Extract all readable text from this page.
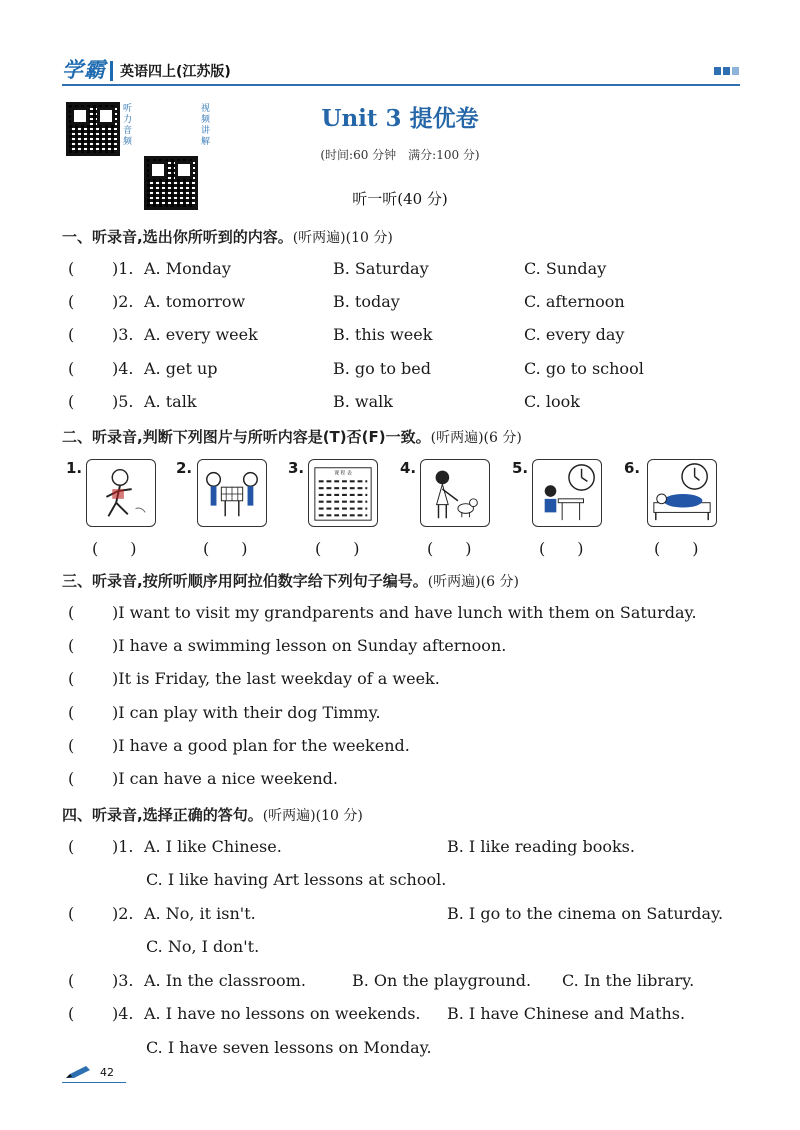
学霸 英语四上(江苏版)
听力音频
视频讲解
Unit 3 提优卷
(时间:60 分钟　满分:100 分)
听一听(40 分)
一、听录音,选出你所听到的内容。(听两遍)(10 分)
( )1. A. Monday	B. Saturday	C. Sunday
( )2. A. tomorrow	B. today	C. afternoon
( )3. A. every week	B. this week	C. every day
( )4. A. get up	B. go to bed	C. go to school
( )5. A. talk	B. walk	C. look
二、听录音,判断下列图片与所听内容是(T)否(F)一致。(听两遍)(6 分)
1.	2.	3.	课 程 表	4.	5.	6.
(　　)	(　　)	(　　)	(　　)	(　　)	(　　)
三、听录音,按所听顺序用阿拉伯数字给下列句子编号。(听两遍)(6 分)
( )I want to visit my grandparents and have lunch with them on Saturday.
( )I have a swimming lesson on Sunday afternoon.
( )It is Friday, the last weekday of a week.
( )I can play with their dog Timmy.
( )I have a good plan for the weekend.
( )I can have a nice weekend.
四、听录音,选择正确的答句。(听两遍)(10 分)
( )1. A. I like Chinese.	B. I like reading books.
C. I like having Art lessons at school.
( )2. A. No, it isn't.	B. I go to the cinema on Saturday.
C. No, I don't.
( )3. A. In the classroom.	B. On the playground. C. In the library.
( )4. A. I have no lessons on weekends. B. I have Chinese and Maths.
C. I have seven lessons on Monday.
42
